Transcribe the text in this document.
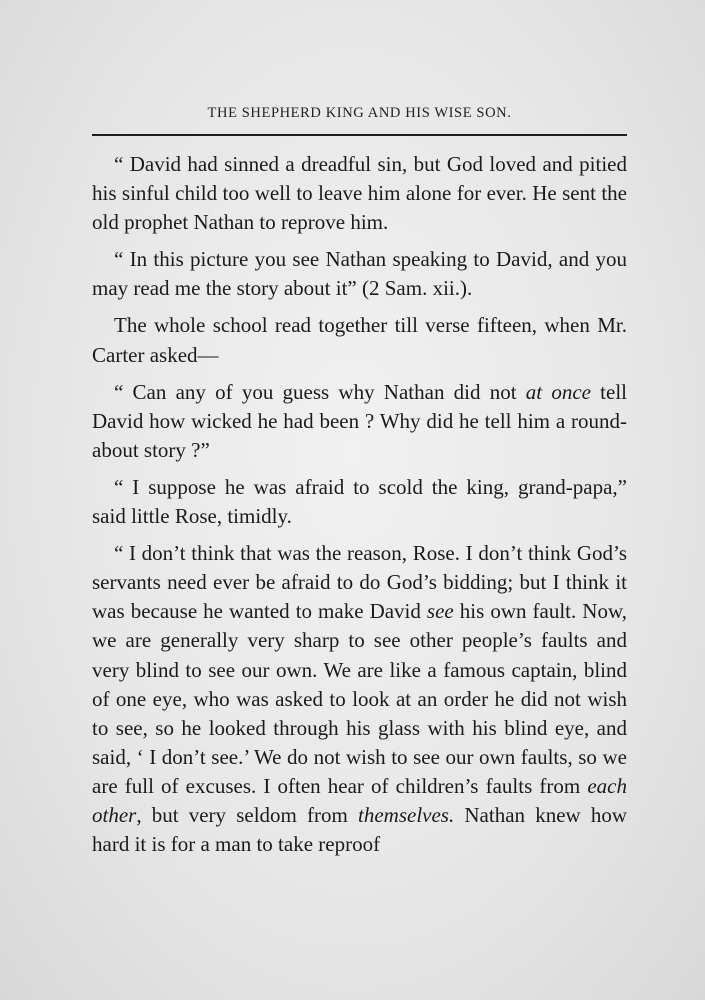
THE SHEPHERD KING AND HIS WISE SON.

“ David had sinned a dreadful sin, but God loved and pitied his sinful child too well to leave him alone for ever. He sent the old prophet Nathan to reprove him.

“ In this picture you see Nathan speaking to David, and you may read me the story about it” (2 Sam. xii.).

The whole school read together till verse fifteen, when Mr. Carter asked—

“ Can any of you guess why Nathan did not at once tell David how wicked he had been ? Why did he tell him a round-about story ?”

“ I suppose he was afraid to scold the king, grand-papa,” said little Rose, timidly.

“ I don’t think that was the reason, Rose. I don’t think God’s servants need ever be afraid to do God’s bidding; but I think it was because he wanted to make David see his own fault. Now, we are generally very sharp to see other people’s faults and very blind to see our own. We are like a famous captain, blind of one eye, who was asked to look at an order he did not wish to see, so he looked through his glass with his blind eye, and said, ‘ I don’t see.’ We do not wish to see our own faults, so we are full of excuses. I often hear of children’s faults from each other, but very seldom from themselves. Nathan knew how hard it is for a man to take reproof
